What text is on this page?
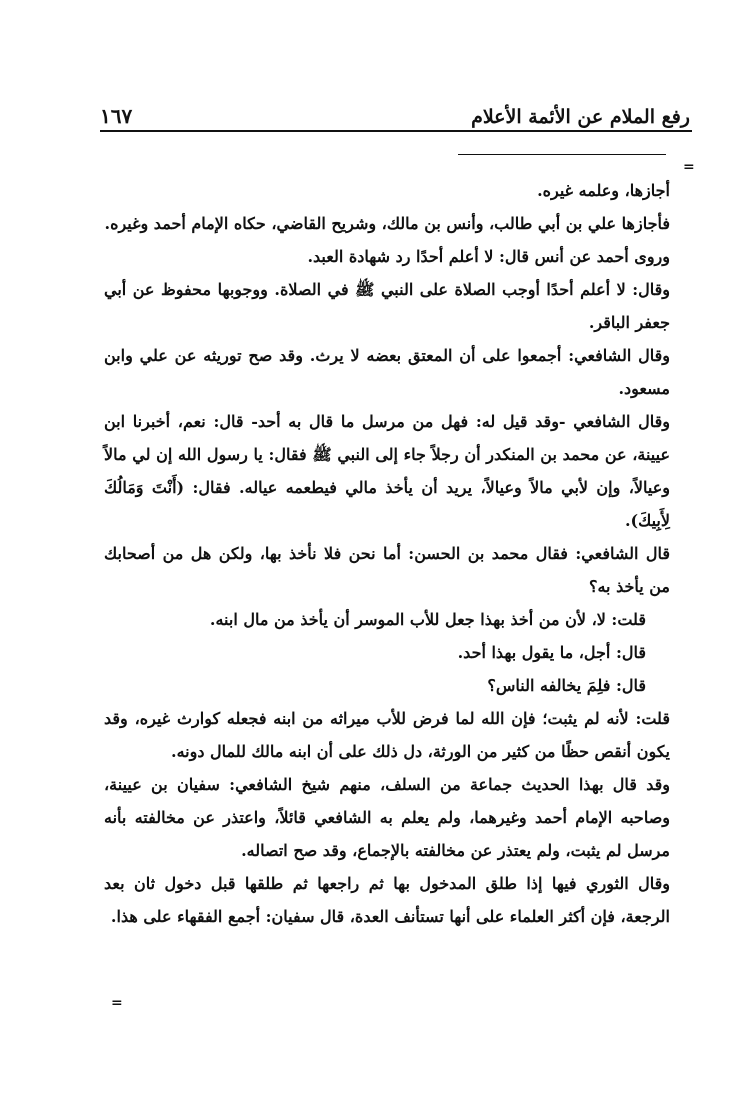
رفع الملام عن الأئمة الأعلام
١٦٧
=

أجازها، وعلمه غيره.

فأجازها علي بن أبي طالب، وأنس بن مالك، وشريح القاضي، حكاه الإمام أحمد وغيره.

وروى أحمد عن أنس قال: لا أعلم أحدًا رد شهادة العبد.

وقال: لا أعلم أحدًا أوجب الصلاة على النبي ﷺ في الصلاة. ووجوبها محفوظ عن أبي جعفر الباقر.

وقال الشافعي: أجمعوا على أن المعتق بعضه لا يرث. وقد صح توريثه عن علي وابن مسعود.

وقال الشافعي -وقد قيل له: فهل من مرسل ما قال به أحد- قال: نعم، أخبرنا ابن عيينة، عن محمد بن المنكدر أن رجلاً جاء إلى النبي ﷺ فقال: يا رسول الله إن لي مالاً وعيالاً، وإن لأبي مالاً وعيالاً، يريد أن يأخذ مالي فيطعمه عياله. فقال: (أَنْتَ وَمَالُكَ لِأَبِيكَ).

قال الشافعي: فقال محمد بن الحسن: أما نحن فلا نأخذ بها، ولكن هل من أصحابك من يأخذ به؟

قلت: لا، لأن من أخذ بهذا جعل للأب الموسر أن يأخذ من مال ابنه.

قال: أجل، ما يقول بهذا أحد.

قال: فلِمَ يخالفه الناس؟

قلت: لأنه لم يثبت؛ فإن الله لما فرض للأب ميراثه من ابنه فجعله كوارث غيره، وقد يكون أنقص حظًا من كثير من الورثة، دل ذلك على أن ابنه مالك للمال دونه.

وقد قال بهذا الحديث جماعة من السلف، منهم شيخ الشافعي: سفيان بن عيينة، وصاحبه الإمام أحمد وغيرهما، ولم يعلم به الشافعي قائلاً، واعتذر عن مخالفته بأنه مرسل لم يثبت، ولم يعتذر عن مخالفته بالإجماع، وقد صح اتصاله.

وقال الثوري فيها إذا طلق المدخول بها ثم راجعها ثم طلقها قبل دخول ثان بعد الرجعة، فإن أكثر العلماء على أنها تستأنف العدة، قال سفيان: أجمع الفقهاء على هذا.

=
